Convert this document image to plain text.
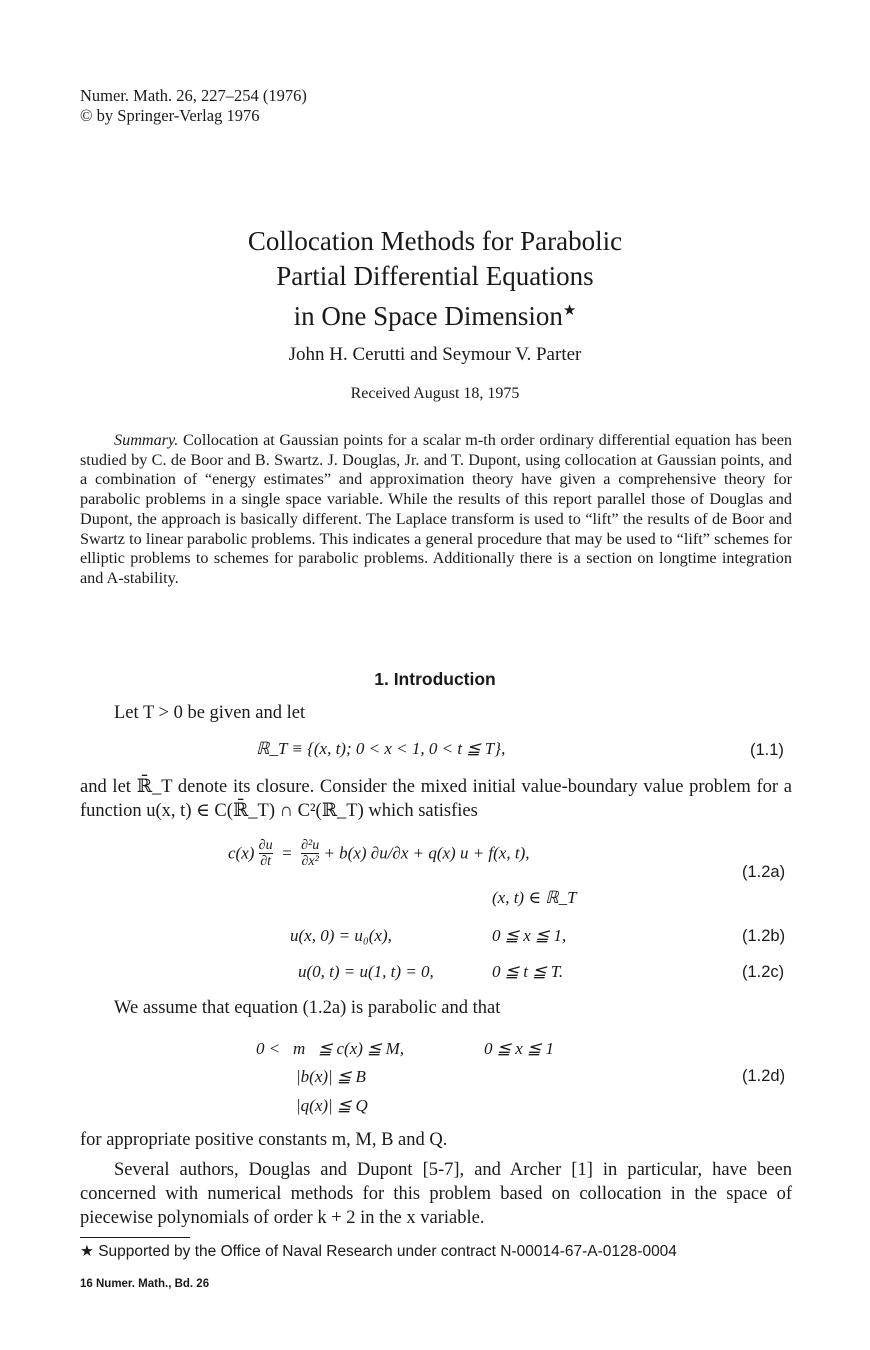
Numer. Math. 26, 227–254 (1976)
© by Springer-Verlag 1976
Collocation Methods for Parabolic
Partial Differential Equations
in One Space Dimension★
John H. Cerutti and Seymour V. Parter
Received August 18, 1975
Summary. Collocation at Gaussian points for a scalar m-th order ordinary differential equation has been studied by C. de Boor and B. Swartz. J. Douglas, Jr. and T. Dupont, using collocation at Gaussian points, and a combination of “energy estimates” and approximation theory have given a comprehensive theory for parabolic problems in a single space variable. While the results of this report parallel those of Douglas and Dupont, the approach is basically different. The Laplace transform is used to “lift” the results of de Boor and Swartz to linear parabolic problems. This indicates a general procedure that may be used to “lift” schemes for elliptic problems to schemes for parabolic problems. Additionally there is a section on longtime integration and A-stability.
1. Introduction
Let T > 0 be given and let
ℝ_T ≡ {(x, t); 0 < x < 1, 0 < t ≦ T},	(1.1)
and let ℝ̄_T denote its closure. Consider the mixed initial value-boundary value problem for a function u(x, t) ∈ C(ℝ̄_T) ∩ C²(ℝ_T) which satisfies
$c(x) \frac{\partial u}{\partial t} = \frac{\text{∂²u}}{\text{∂x²}} + b(x) \partial u/\partial x + q(x) u + f(x$, t),
(x, t) ∈ ℝ_T
(1.2a)
u(x, 0) = u₀(x),	0 ≦ x ≦ 1,	(1.2b)
u(0, t) = u(1, t) = 0,	0 ≦ t ≦ T.	(1.2c)
We assume that equation (1.2a) is parabolic and that
0 <   m   ≦ c(x) ≦ M,	0 ≦ x ≦ 1
|b(x)| ≦ B
|q(x)| ≦ Q
(1.2d)
for appropriate positive constants m, M, B and Q.
Several authors, Douglas and Dupont [5-7], and Archer [1] in particular, have been concerned with numerical methods for this problem based on collocation in the space of piecewise polynomials of order k + 2 in the x variable.
★ Supported by the Office of Naval Research under contract N-00014-67-A-0128-0004
16 Numer. Math., Bd. 26
